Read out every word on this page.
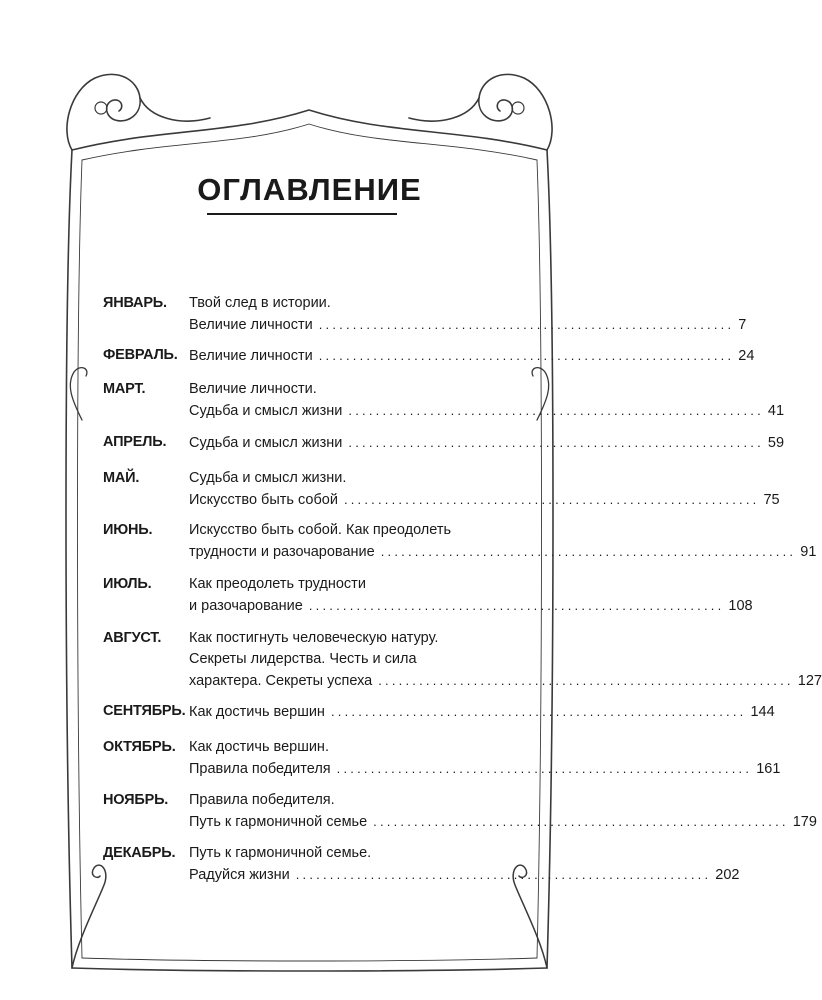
ОГЛАВЛЕНИЕ
ЯНВАРЬ. Твой след в истории.
Величие личности ............................................................. 7
ФЕВРАЛЬ. Величие личности ............................................................. 24
МАРТ.	Величие личности.
Судьба и смысл жизни ............................................................. 41
АПРЕЛЬ. Судьба и смысл жизни ............................................................. 59
МАЙ.	Судьба и смысл жизни.
Искусство быть собой ............................................................. 75
ИЮНЬ.	Искусство быть собой. Как преодолеть
трудности и разочарование ............................................................. 91
ИЮЛЬ.	Как преодолеть трудности
и разочарование ............................................................. 108
АВГУСТ. Как постигнуть человеческую натуру.
Секреты лидерства. Честь и сила
характера. Секреты успеха ............................................................. 127
СЕНТЯБРЬ. Как достичь вершин ............................................................. 144
ОКТЯБРЬ. Как достичь вершин.
Правила победителя ............................................................. 161
НОЯБРЬ. Правила победителя.
Путь к гармоничной семье ............................................................. 179
ДЕКАБРЬ. Путь к гармоничной семье.
Радуйся жизни ............................................................. 202
